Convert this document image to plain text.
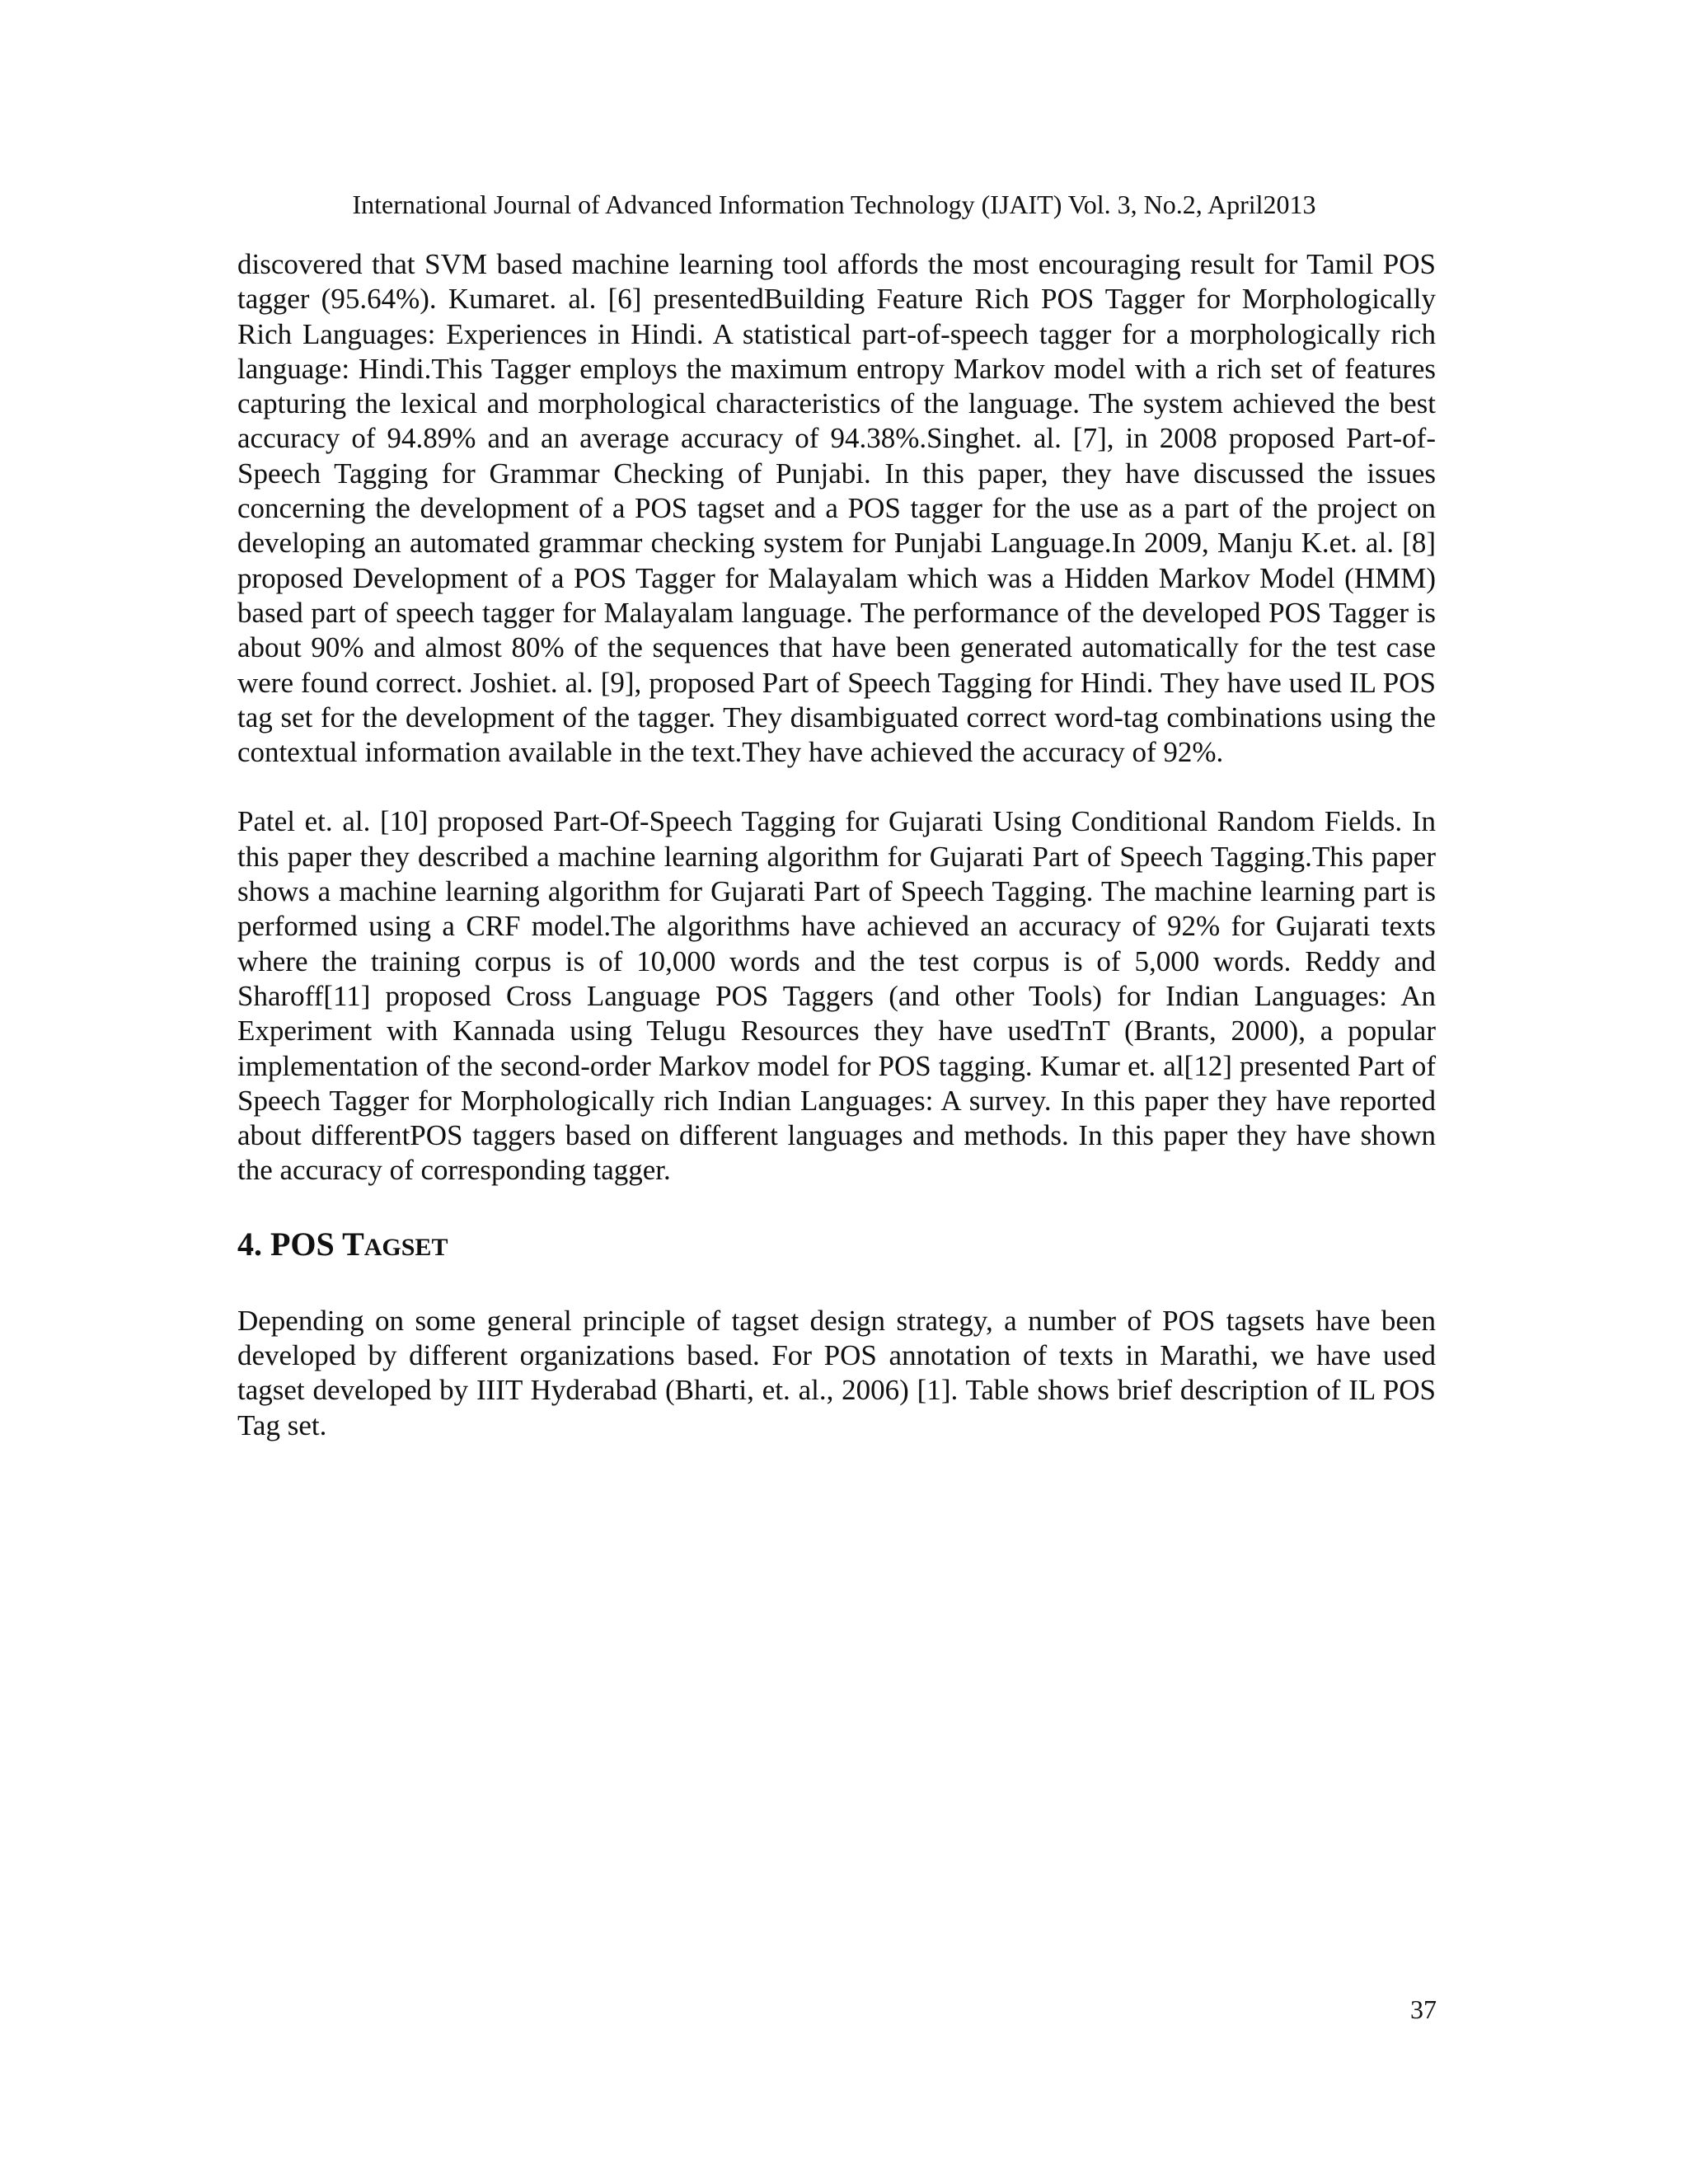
International Journal of Advanced Information Technology (IJAIT) Vol. 3, No.2, April2013

discovered that SVM based machine learning tool affords the most encouraging result for Tamil POS tagger (95.64%). Kumaret. al. [6] presentedBuilding Feature Rich POS Tagger for Morphologically Rich Languages: Experiences in Hindi. A statistical part-of-speech tagger for a morphologically rich language: Hindi.This Tagger employs the maximum entropy Markov model with a rich set of features capturing the lexical and morphological characteristics of the language. The system achieved the best accuracy of 94.89% and an average accuracy of 94.38%.Singhet. al. [7], in 2008 proposed Part-of-Speech Tagging for Grammar Checking of Punjabi. In this paper, they have discussed the issues concerning the development of a POS tagset and a POS tagger for the use as a part of the project on developing an automated grammar checking system for Punjabi Language.In 2009, Manju K.et. al. [8] proposed Development of a POS Tagger for Malayalam which was a Hidden Markov Model (HMM) based part of speech tagger for Malayalam language. The performance of the developed POS Tagger is about 90% and almost 80% of the sequences that have been generated automatically for the test case were found correct. Joshiet. al. [9], proposed Part of Speech Tagging for Hindi. They have used IL POS tag set for the development of the tagger. They disambiguated correct word-tag combinations using the contextual information available in the text.They have achieved the accuracy of 92%.

Patel et. al. [10] proposed Part-Of-Speech Tagging for Gujarati Using Conditional Random Fields. In this paper they described a machine learning algorithm for Gujarati Part of Speech Tagging.This paper shows a machine learning algorithm for Gujarati Part of Speech Tagging. The machine learning part is performed using a CRF model.The algorithms have achieved an accuracy of 92% for Gujarati texts where the training corpus is of 10,000 words and the test corpus is of 5,000 words. Reddy and Sharoff[11] proposed Cross Language POS Taggers (and other Tools) for Indian Languages: An Experiment with Kannada using Telugu Resources they have usedTnT (Brants, 2000), a popular implementation of the second-order Markov model for POS tagging. Kumar et. al[12] presented Part of Speech Tagger for Morphologically rich Indian Languages: A survey. In this paper they have reported about differentPOS taggers based on different languages and methods. In this paper they have shown the accuracy of corresponding tagger.

4. POS TAGSET

Depending on some general principle of tagset design strategy, a number of POS tagsets have been developed by different organizations based. For POS annotation of texts in Marathi, we have used tagset developed by IIIT Hyderabad (Bharti, et. al., 2006) [1]. Table shows brief description of IL POS Tag set.

37
